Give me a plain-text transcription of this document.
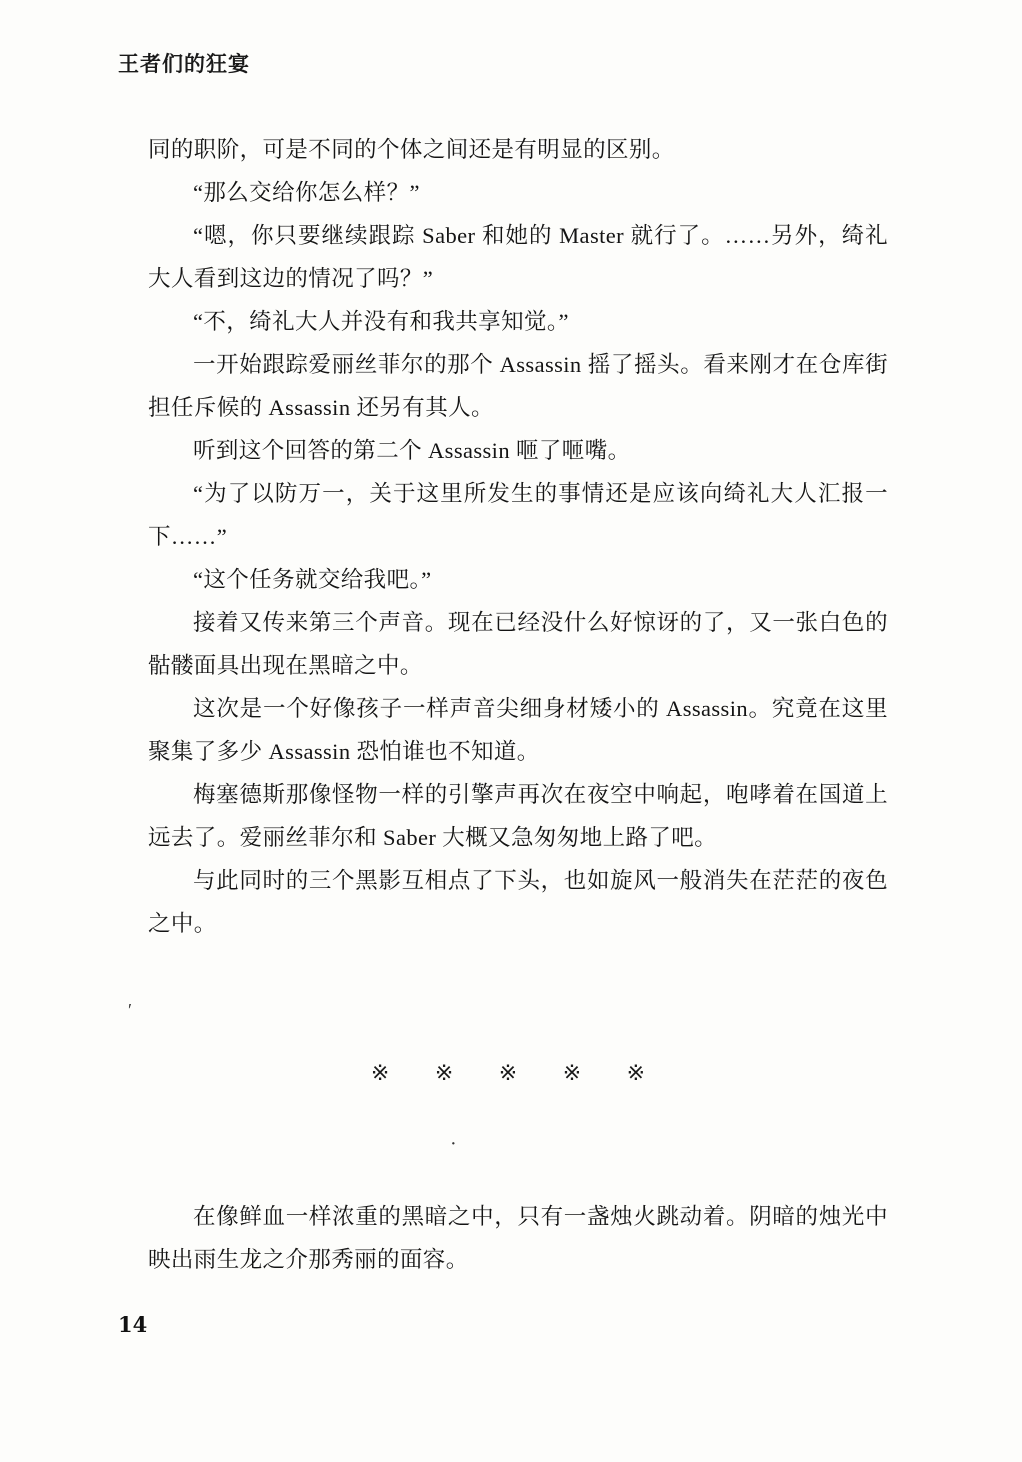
王者们的狂宴

同的职阶，可是不同的个体之间还是有明显的区别。

“那么交给你怎么样？”

“嗯，你只要继续跟踪 Saber 和她的 Master 就行了。……另外，绮礼大人看到这边的情况了吗？”

“不，绮礼大人并没有和我共享知觉。”

一开始跟踪爱丽丝菲尔的那个 Assassin 摇了摇头。看来刚才在仓库街担任斥候的 Assassin 还另有其人。

听到这个回答的第二个 Assassin 咂了咂嘴。

“为了以防万一，关于这里所发生的事情还是应该向绮礼大人汇报一下……”

“这个任务就交给我吧。”

接着又传来第三个声音。现在已经没什么好惊讶的了，又一张白色的骷髅面具出现在黑暗之中。

这次是一个好像孩子一样声音尖细身材矮小的 Assassin。究竟在这里聚集了多少 Assassin 恐怕谁也不知道。

梅塞德斯那像怪物一样的引擎声再次在夜空中响起，咆哮着在国道上远去了。爱丽丝菲尔和 Saber 大概又急匆匆地上路了吧。

与此同时的三个黑影互相点了下头，也如旋风一般消失在茫茫的夜色之中。

′
※ ※ ※ ※ ※
·

在像鲜血一样浓重的黑暗之中，只有一盏烛火跳动着。阴暗的烛光中映出雨生龙之介那秀丽的面容。

14
